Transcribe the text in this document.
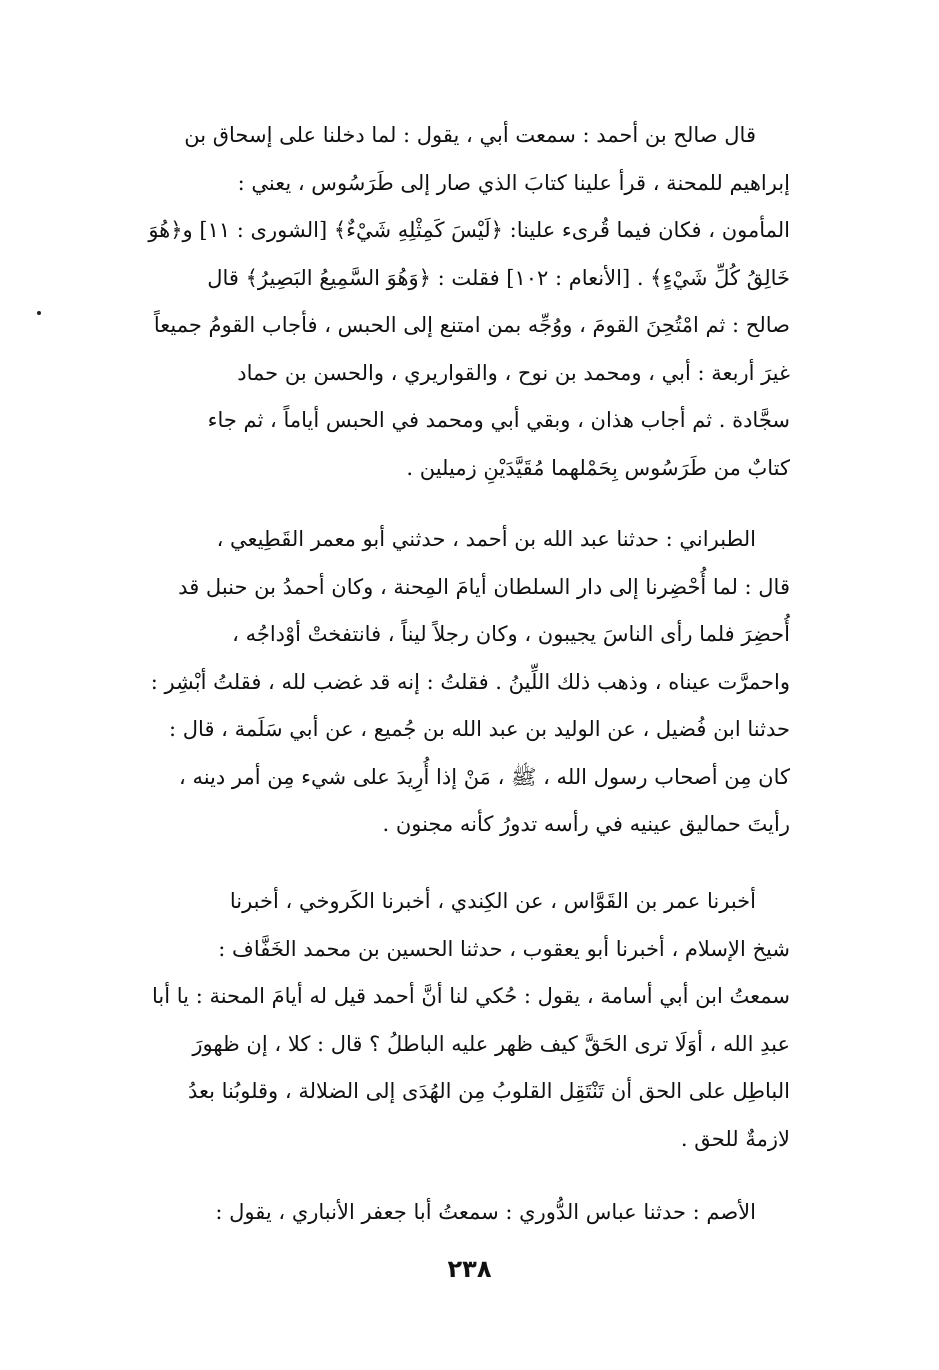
قال صالح بن أحمد : سمعت أبي ، يقول : لما دخلنا على إسحاق بن
إبراهيم للمحنة ، قرأ علينا كتابَ الذي صار إلى طَرَسُوس ، يعني :
المأمون ، فكان فيما قُرىء علينا: ﴿لَيْسَ كَمِثْلِهِ شَيْءٌ﴾ [الشورى : ١١] و﴿هُوَ
خَالِقُ كُلِّ شَيْءٍ﴾ . [الأنعام : ١٠٢] فقلت : ﴿وَهُوَ السَّمِيعُ البَصِيرُ﴾ قال
صالح : ثم امْتُحِنَ القومَ ، ووُجِّه بمن امتنع إلى الحبس ، فأجاب القومُ جميعاً
غيرَ أربعة : أبي ، ومحمد بن نوح ، والقواريري ، والحسن بن حماد
سجَّادة . ثم أجاب هذان ، وبقي أبي ومحمد في الحبس أياماً ، ثم جاء
كتابٌ من طَرَسُوس بِحَمْلهما مُقَيَّدَيْنِ زميلين .
الطبراني : حدثنا عبد الله بن أحمد ، حدثني أبو معمر القَطِيعي ،
قال : لما أُحْضِرنا إلى دار السلطان أيامَ المِحنة ، وكان أحمدُ بن حنبل قد
أُحضِرَ فلما رأى الناسَ يجيبون ، وكان رجلاً ليناً ، فانتفختْ أوْداجُه ،
واحمرَّت عيناه ، وذهب ذلك اللِّينُ . فقلتُ : إنه قد غضب لله ، فقلتُ أبْشِر :
حدثنا ابن فُضيل ، عن الوليد بن عبد الله بن جُميع ، عن أبي سَلَمة ، قال :
كان مِن أصحاب رسول الله ، ﷺ ، مَنْ إذا أُرِيدَ على شيء مِن أمر دينه ،
رأيتَ حماليق عينيه في رأسه تدورُ كأنه مجنون .
أخبرنا عمر بن القَوَّاس ، عن الكِندي ، أخبرنا الكَروخي ، أخبرنا
شيخ الإسلام ، أخبرنا أبو يعقوب ، حدثنا الحسين بن محمد الخَفَّاف :
سمعتُ ابن أبي أسامة ، يقول : حُكي لنا أنَّ أحمد قيل له أيامَ المحنة : يا أبا
عبدِ الله ، أوَلَا ترى الحَقَّ كيف ظهر عليه الباطلُ ؟ قال : كلا ، إن ظهورَ
الباطِل على الحق أن تَنْتَقِل القلوبُ مِن الهُدَى إلى الضلالة ، وقلوبُنا بعدُ
لازمةٌ للحق .
الأصم : حدثنا عباس الدُّوري : سمعتُ أبا جعفر الأنباري ، يقول :
٢٣٨
